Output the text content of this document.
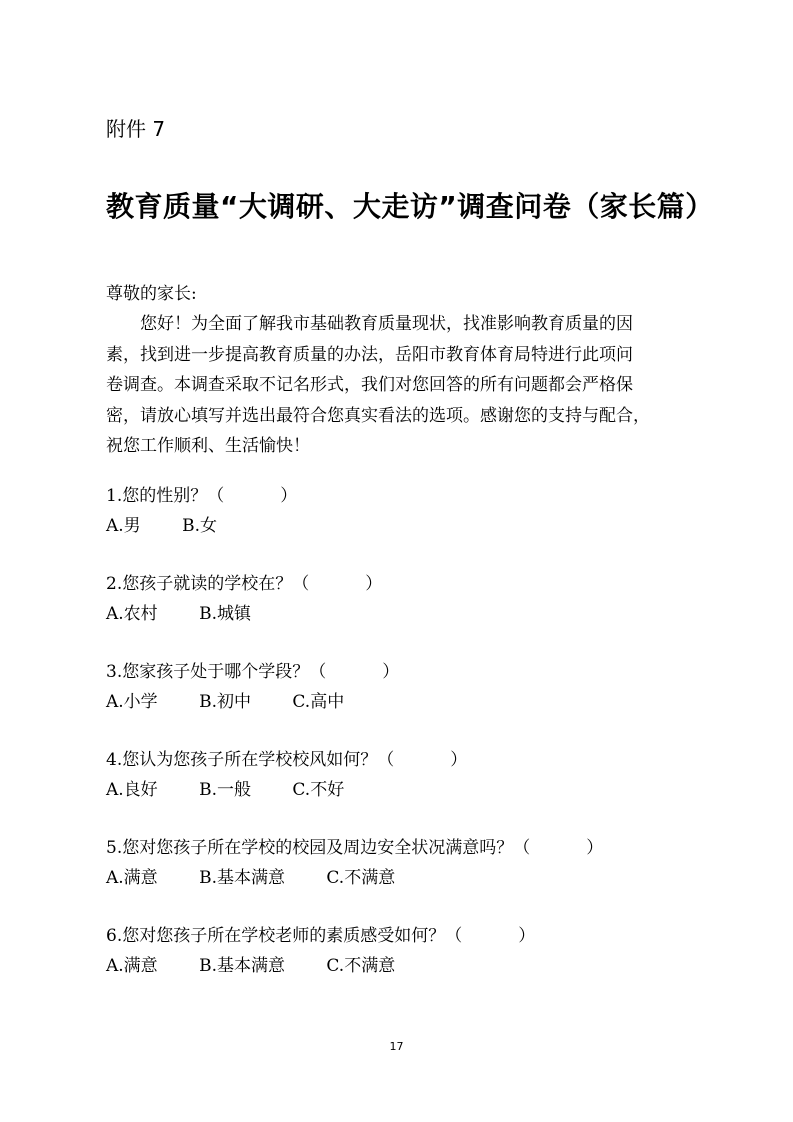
附件 7
教育质量“大调研、大走访”调查问卷（家长篇）
尊敬的家长:
您好！为全面了解我市基础教育质量现状，找准影响教育质量的因
素，找到进一步提高教育质量的办法，岳阳市教育体育局特进行此项问
卷调查。本调查采取不记名形式，我们对您回答的所有问题都会严格保
密，请放心填写并选出最符合您真实看法的选项。感谢您的支持与配合，
祝您工作顺利、生活愉快！
1.您的性别？（	）
A.男 B.女
2.您孩子就读的学校在？（	）
A.农村 B.城镇
3.您家孩子处于哪个学段？（	）
A.小学 B.初中 C.高中
4.您认为您孩子所在学校校风如何？（	）
A.良好 B.一般 C.不好
5.您对您孩子所在学校的校园及周边安全状况满意吗？（	）
A.满意 B.基本满意 C.不满意
6.您对您孩子所在学校老师的素质感受如何？（	）
A.满意 B.基本满意 C.不满意
17
